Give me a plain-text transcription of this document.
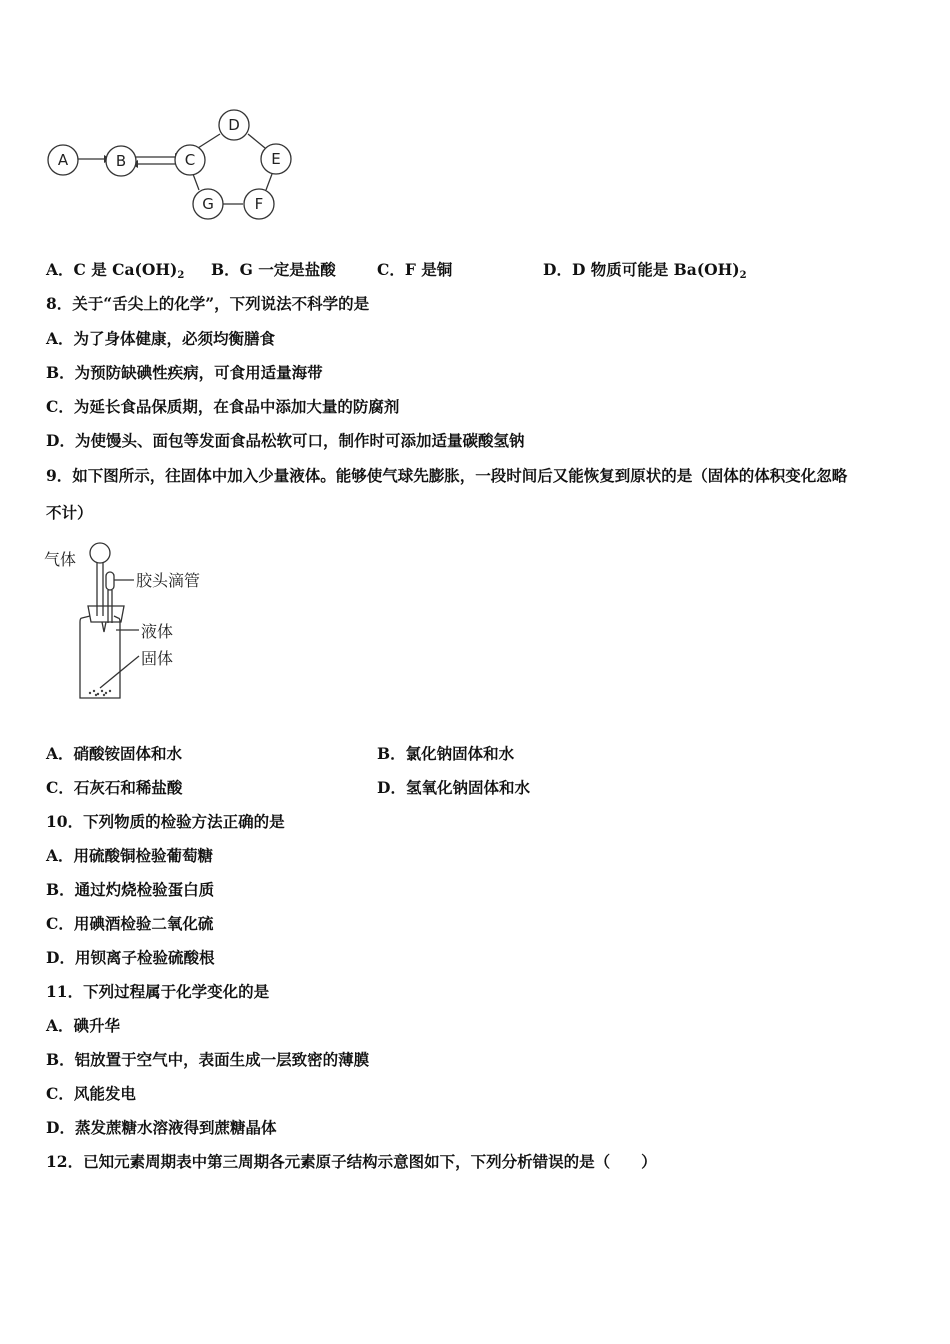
A	B	C
D
E
F
G
A．C 是 $Ca(OH)_2$ B．G 一定是盐酸	C．F 是铜	D．D 物质可能是 $Ba(OH)_2$
8．关于“舌尖上的化学”，下列说法不科学的是
A．为了身体健康，必须均衡膳食
B．为预防缺碘性疾病，可食用适量海带
C．为延长食品保质期，在食品中添加大量的防腐剂
D．为使馒头、面包等发面食品松软可口，制作时可添加适量碳酸氢钠
9．如下图所示，往固体中加入少量液体。能够使气球先膨胀，一段时间后又能恢复到原状的是（固体的体积变化忽略
不计）
气体
胶头滴管
液体
固体
A．硝酸铵固体和水	B．氯化钠固体和水
C．石灰石和稀盐酸	D．氢氧化钠固体和水
10．下列物质的检验方法正确的是
A．用硫酸铜检验葡萄糖
B．通过灼烧检验蛋白质
C．用碘酒检验二氧化硫
D．用钡离子检验硫酸根
11．下列过程属于化学变化的是
A．碘升华
B．铝放置于空气中，表面生成一层致密的薄膜
C．风能发电
D．蒸发蔗糖水溶液得到蔗糖晶体
12．已知元素周期表中第三周期各元素原子结构示意图如下，下列分析错误的是（　　）
